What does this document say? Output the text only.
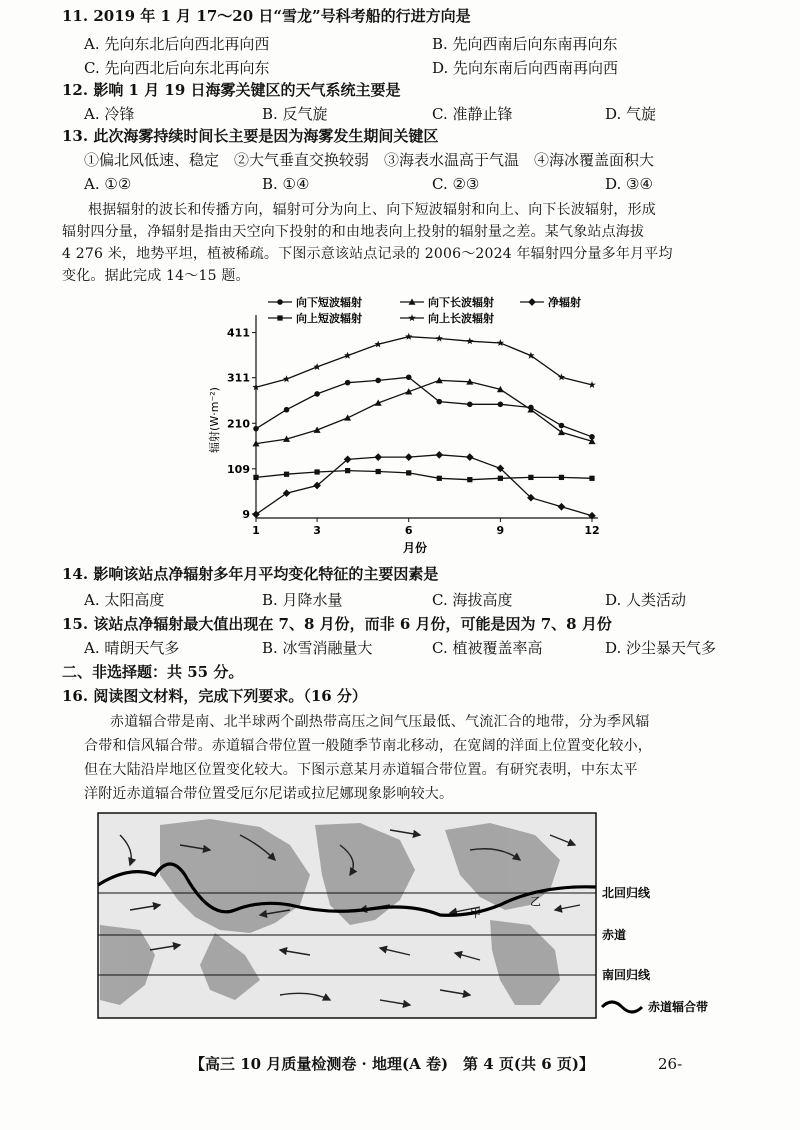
11. 2019 年 1 月 17～20 日“雪龙”号科考船的行进方向是
A. 先向东北后向西北再向西	B. 先向西南后向东南再向东
C. 先向西北后向东北再向东	D. 先向东南后向西南再向西
12. 影响 1 月 19 日海雾关键区的天气系统主要是
A. 冷锋	B. 反气旋	C. 准静止锋	D. 气旋
13. 此次海雾持续时间长主要是因为海雾发生期间关键区
①偏北风低速、稳定　②大气垂直交换较弱　③海表水温高于气温　④海冰覆盖面积大
A. ①②	B. ①④	C. ②③	D. ③④
根据辐射的波长和传播方向，辐射可分为向上、向下短波辐射和向上、向下长波辐射，形成
辐射四分量，净辐射是指由天空向下投射的和由地表向上投射的辐射量之差。某气象站点海拔
4 276 米，地势平坦，植被稀疏。下图示意该站点记录的 2006～2024 年辐射四分量多年月平均
变化。据此完成 14～15 题。
向下短波辐射	向下长波辐射	净辐射
向上短波辐射	向上长波辐射
辐射(W·m⁻²)
月份
9
109
210
311
411
1	3	6	9	12
14. 影响该站点净辐射多年月平均变化特征的主要因素是
A. 太阳高度	B. 月降水量	C. 海拔高度	D. 人类活动
15. 该站点净辐射最大值出现在 7、8 月份，而非 6 月份，可能是因为 7、8 月份
A. 晴朗天气多	B. 冰雪消融量大	C. 植被覆盖率高	D. 沙尘暴天气多
二、非选择题：共 55 分。
16. 阅读图文材料，完成下列要求。（16 分）
赤道辐合带是南、北半球两个副热带高压之间气压最低、气流汇合的地带，分为季风辐
合带和信风辐合带。赤道辐合带位置一般随季节南北移动，在宽阔的洋面上位置变化较小，
但在大陆沿岸地区位置变化较大。下图示意某月赤道辐合带位置。有研究表明，中东太平
洋附近赤道辐合带位置受厄尔尼诺或拉尼娜现象影响较大。
甲
乙
北回归线
赤道
南回归线
赤道辐合带
【高三 10 月质量检测卷 · 地理(A 卷)　第 4 页(共 6 页)】	26-
